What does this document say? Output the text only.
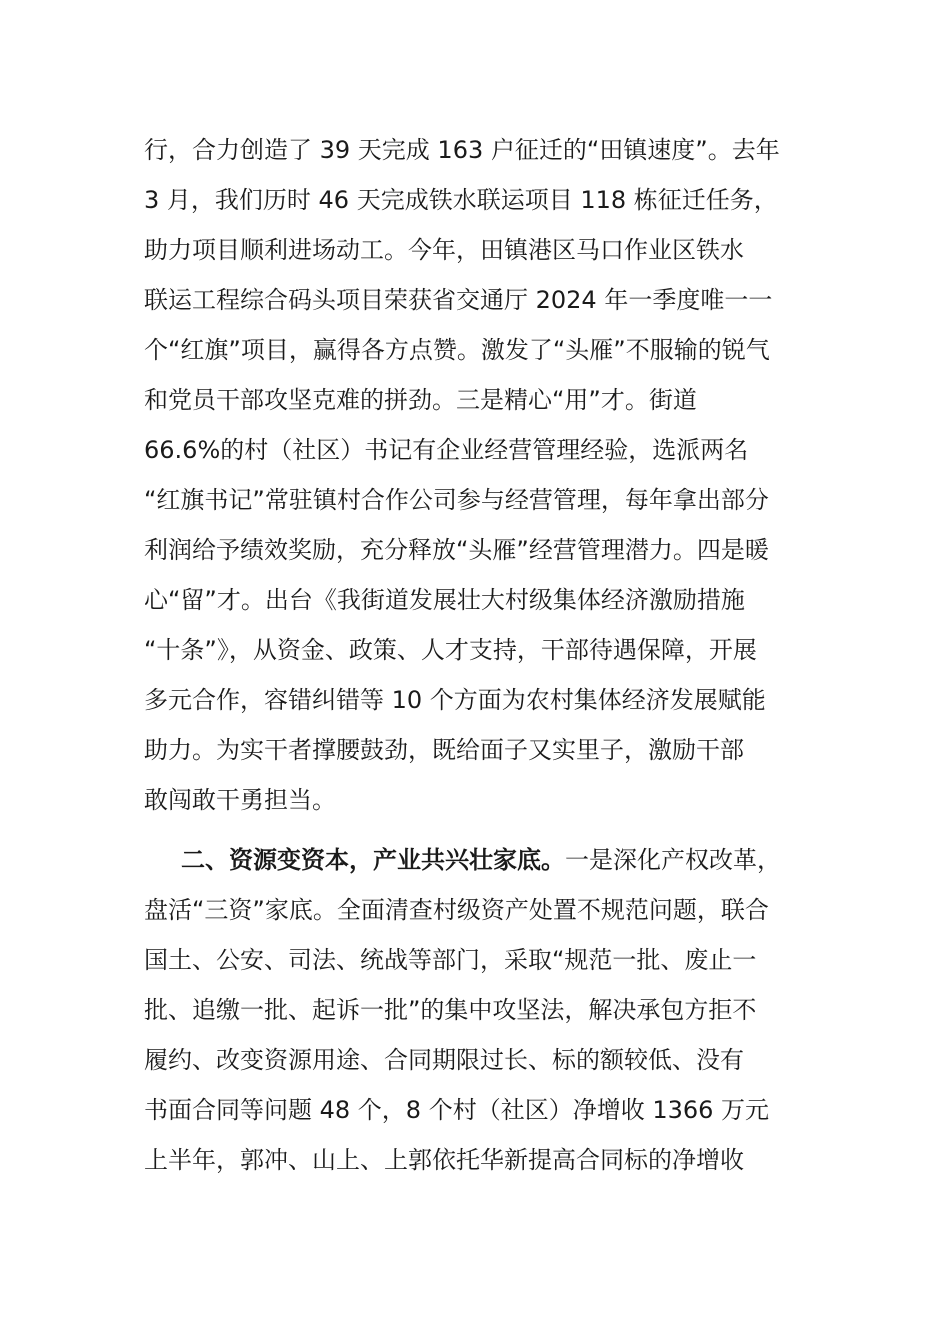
行，合力创造了 39 天完成 163 户征迁的“田镇速度”。去年
3 月，我们历时 46 天完成铁水联运项目 118 栋征迁任务，
助力项目顺利进场动工。今年，田镇港区马口作业区铁水
联运工程综合码头项目荣获省交通厅 2024 年一季度唯一一
个“红旗”项目，赢得各方点赞。激发了“头雁”不服输的锐气
和党员干部攻坚克难的拼劲。三是精心“用”才。街道
66.6%的村（社区）书记有企业经营管理经验，选派两名
“红旗书记”常驻镇村合作公司参与经营管理，每年拿出部分
利润给予绩效奖励，充分释放“头雁”经营管理潜力。四是暖
心“留”才。出台《我街道发展壮大村级集体经济激励措施
“十条”》，从资金、政策、人才支持，干部待遇保障，开展
多元合作，容错纠错等 10 个方面为农村集体经济发展赋能
助力。为实干者撑腰鼓劲，既给面子又实里子，激励干部
敢闯敢干勇担当。
二、资源变资本，产业共兴壮家底。一是深化产权改革，
盘活“三资”家底。全面清查村级资产处置不规范问题，联合
国土、公安、司法、统战等部门，采取“规范一批、废止一
批、追缴一批、起诉一批”的集中攻坚法，解决承包方拒不
履约、改变资源用途、合同期限过长、标的额较低、没有
书面合同等问题 48 个，8 个村（社区）净增收 1366 万元
上半年，郭冲、山上、上郭依托华新提高合同标的净增收
